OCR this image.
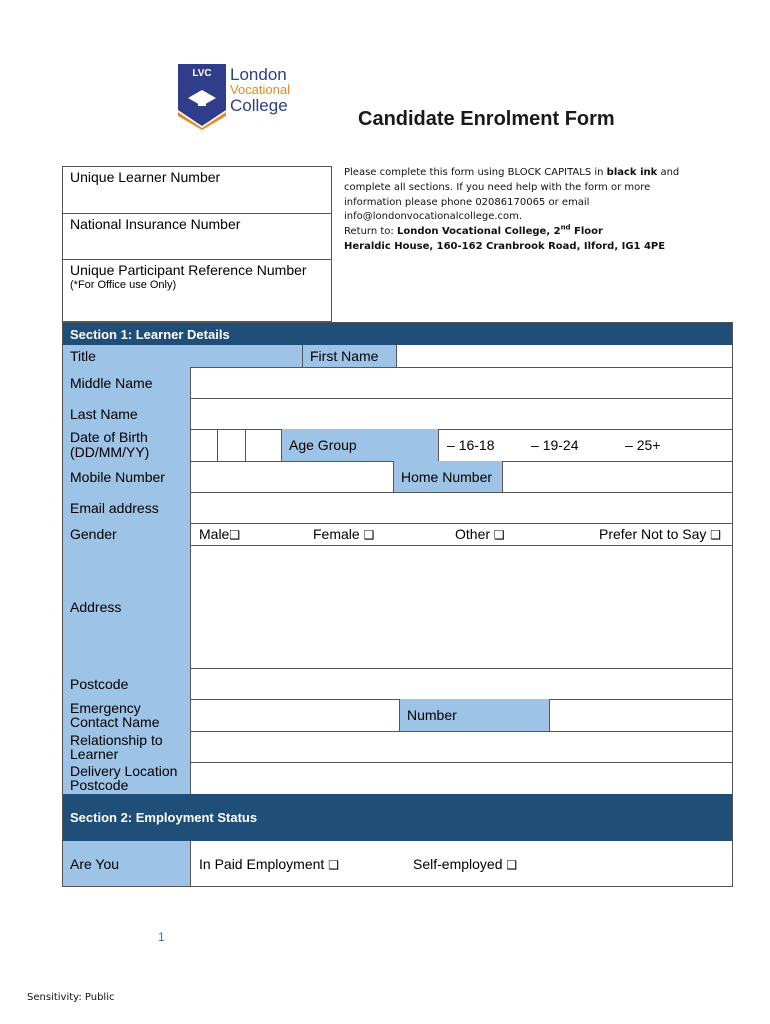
LVC London
Vocational
College
Candidate Enrolment Form
Unique Learner Number
National Insurance Number
Unique Participant Reference Number
(*For Office use Only)
Please complete this form using BLOCK CAPITALS in black ink and complete all sections. If you need help with the form or more information please phone 02086170065 or email info@londonvocationalcollege.com.
Return to: London Vocational College, 2nd Floor
Heraldic House, 160-162 Cranbrook Road, Ilford, IG1 4PE
Section 1: Learner Details
Title	First Name
Middle Name
Last Name
Date of Birth (DD/MM/YY)	Age Group	– 16-18	– 19-24	– 25+
Mobile Number	Home Number
Email address
Gender	Male❑	Female ❑	Other ❑	Prefer Not to Say ❑
Address
Postcode
Emergency Contact Name	Number
Relationship to Learner
Delivery Location Postcode
Section 2: Employment Status
Are You	In Paid Employment ❑	Self-employed ❑
1
Sensitivity: Public
